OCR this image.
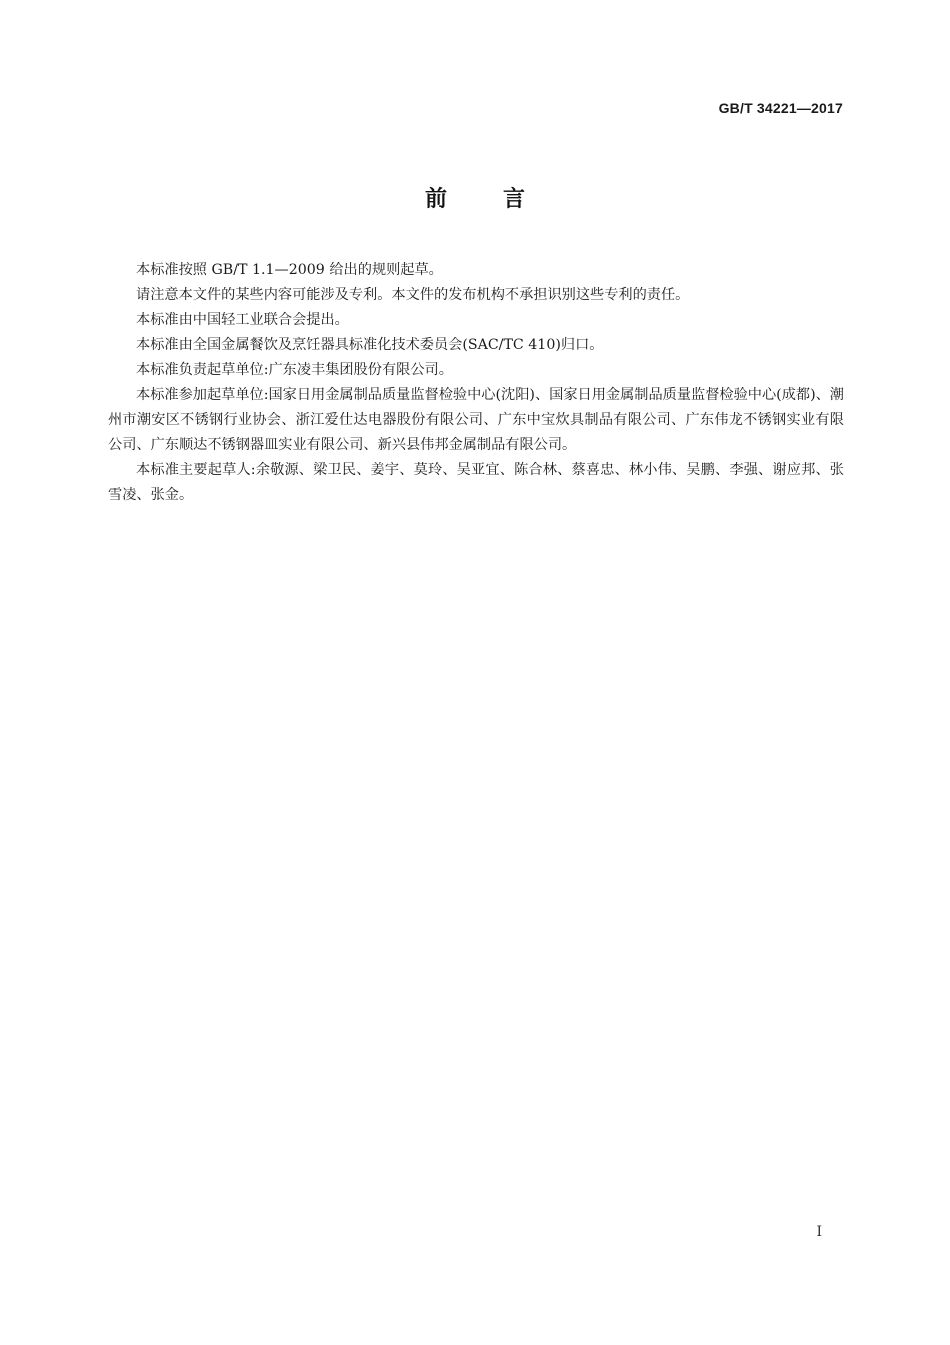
GB/T 34221—2017
前言

本标准按照 GB/T 1.1—2009 给出的规则起草。

请注意本文件的某些内容可能涉及专利。本文件的发布机构不承担识别这些专利的责任。

本标准由中国轻工业联合会提出。

本标准由全国金属餐饮及烹饪器具标准化技术委员会(SAC/TC 410)归口。

本标准负责起草单位:广东凌丰集团股份有限公司。

本标准参加起草单位:国家日用金属制品质量监督检验中心(沈阳)、国家日用金属制品质量监督检验中心(成都)、潮州市潮安区不锈钢行业协会、浙江爱仕达电器股份有限公司、广东中宝炊具制品有限公司、广东伟龙不锈钢实业有限公司、广东顺达不锈钢器皿实业有限公司、新兴县伟邦金属制品有限公司。

本标准主要起草人:余敬源、梁卫民、姜宇、莫玲、吴亚宜、陈合林、蔡喜忠、林小伟、吴鹏、李强、谢应邦、张雪凌、张金。

I
